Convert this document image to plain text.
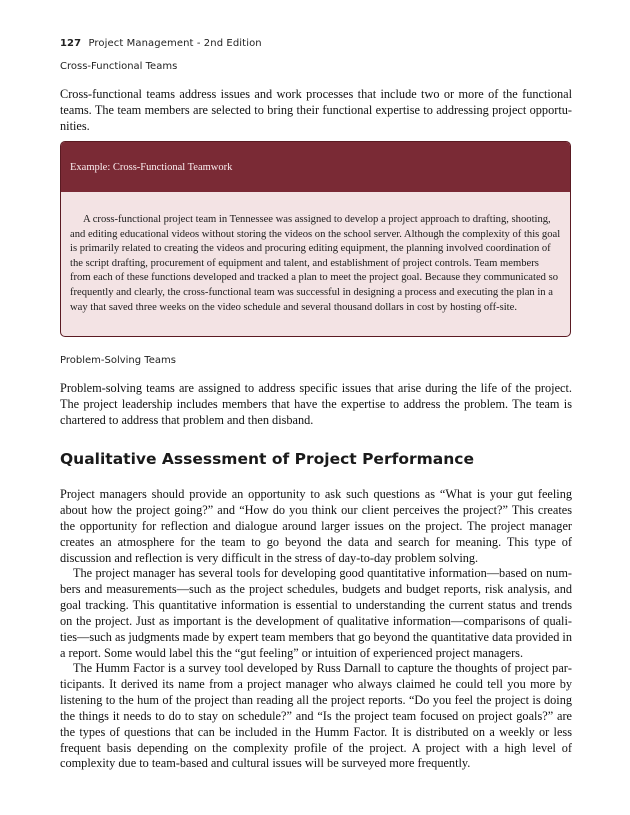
127 Project Management - 2nd Edition
Cross-Functional Teams

Cross-functional teams address issues and work processes that include two or more of the functional teams. The team members are selected to bring their functional expertise to addressing project opportunities.

Example: Cross-Functional Teamwork

A cross-functional project team in Tennessee was assigned to develop a project approach to drafting, shooting, and editing educational videos without storing the videos on the school server. Although the complexity of this goal is primarily related to creating the videos and procuring editing equipment, the planning involved coordination of the script drafting, procurement of equipment and talent, and establishment of project controls. Team members from each of these functions developed and tracked a plan to meet the project goal. Because they communicated so frequently and clearly, the cross-functional team was successful in designing a process and executing the plan in a way that saved three weeks on the video schedule and several thousand dollars in cost by hosting off-site.

Problem-Solving Teams

Problem-solving teams are assigned to address specific issues that arise during the life of the project. The project leadership includes members that have the expertise to address the problem. The team is chartered to address that problem and then disband.

Qualitative Assessment of Project Performance

Project managers should provide an opportunity to ask such questions as “What is your gut feeling about how the project going?” and “How do you think our client perceives the project?” This creates the opportunity for reflection and dialogue around larger issues on the project. The project manager creates an atmosphere for the team to go beyond the data and search for meaning. This type of discussion and reflection is very difficult in the stress of day-to-day problem solving.

The project manager has several tools for developing good quantitative information—based on numbers and measurements—such as the project schedules, budgets and budget reports, risk analysis, and goal tracking. This quantitative information is essential to understanding the current status and trends on the project. Just as important is the development of qualitative information—comparisons of qualities—such as judgments made by expert team members that go beyond the quantitative data provided in a report. Some would label this the “gut feeling” or intuition of experienced project managers.

The Humm Factor is a survey tool developed by Russ Darnall to capture the thoughts of project participants. It derived its name from a project manager who always claimed he could tell you more by listening to the hum of the project than reading all the project reports. “Do you feel the project is doing the things it needs to do to stay on schedule?” and “Is the project team focused on project goals?” are the types of questions that can be included in the Humm Factor. It is distributed on a weekly or less frequent basis depending on the complexity profile of the project. A project with a high level of complexity due to team-based and cultural issues will be surveyed more frequently.
